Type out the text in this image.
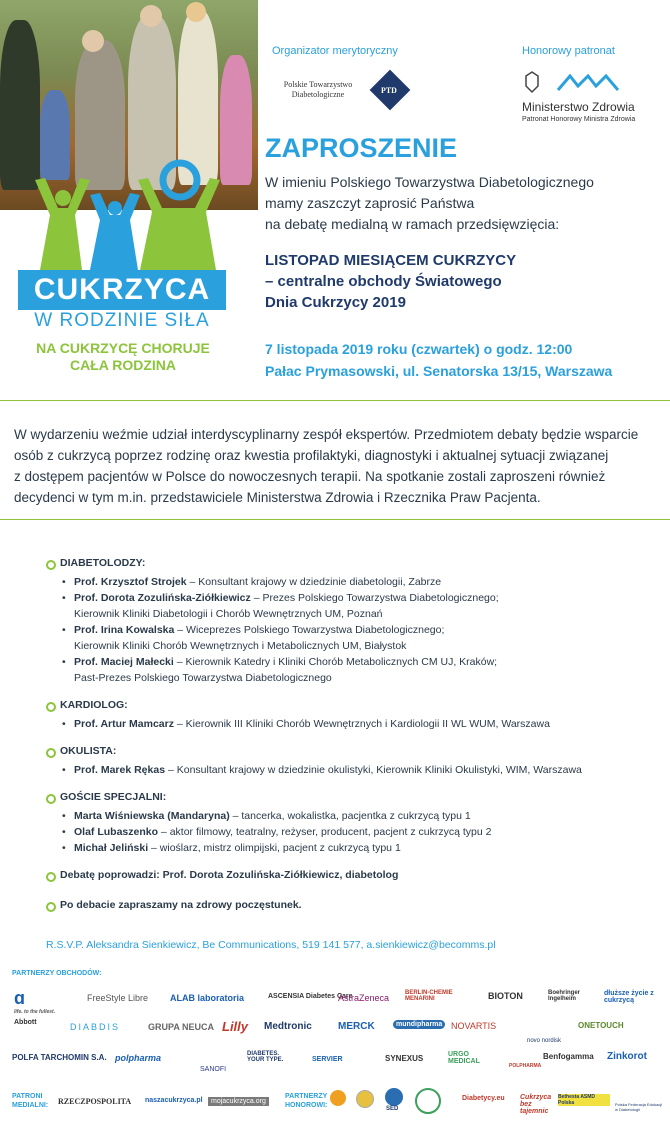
CUKRZYCA
W RODZINIE SIŁA
NA CUKRZYCĘ CHORUJE
CAŁA RODZINA
Organizator merytoryczny	Honorowy patronat
Polskie Towarzystwo
Diabetologiczne	PTD
Ministerstwo Zdrowia
Patronat Honorowy Ministra Zdrowia
ZAPROSZENIE
W imieniu Polskiego Towarzystwa Diabetologicznego
mamy zaszczyt zaprosić Państwa
na debatę medialną w ramach przedsięwzięcia:
LISTOPAD MIESIĄCEM CUKRZYCY
– centralne obchody Światowego
Dnia Cukrzycy 2019
7 listopada 2019 roku (czwartek) o godz. 12:00
Pałac Prymasowski, ul. Senatorska 13/15, Warszawa
W wydarzeniu weźmie udział interdyscyplinarny zespół ekspertów. Przedmiotem debaty będzie wsparcie
osób z cukrzycą poprzez rodzinę oraz kwestia profilaktyki, diagnostyki i aktualnej sytuacji związanej
z dostępem pacjentów w Polsce do nowoczesnych terapii. Na spotkanie zostali zaproszeni również
decydenci w tym m.in. przedstawiciele Ministerstwa Zdrowia i Rzecznika Praw Pacjenta.
DIABETOLODZY:
• Prof. Krzysztof Strojek – Konsultant krajowy w dziedzinie diabetologii, Zabrze
• Prof. Dorota Zozulińska-Ziółkiewicz – Prezes Polskiego Towarzystwa Diabetologicznego;
Kierownik Kliniki Diabetologii i Chorób Wewnętrznych UM, Poznań
• Prof. Irina Kowalska – Wiceprezes Polskiego Towarzystwa Diabetologicznego;
Kierownik Kliniki Chorób Wewnętrznych i Metabolicznych UM, Białystok
• Prof. Maciej Małecki – Kierownik Katedry i Kliniki Chorób Metabolicznych CM UJ, Kraków;
Past-Prezes Polskiego Towarzystwa Diabetologicznego
KARDIOLOG:
• Prof. Artur Mamcarz – Kierownik III Kliniki Chorób Wewnętrznych i Kardiologii II WL WUM, Warszawa
OKULISTA:
• Prof. Marek Rękas – Konsultant krajowy w dziedzinie okulistyki, Kierownik Kliniki Okulistyki, WIM, Warszawa
GOŚCIE SPECJALNI:
• Marta Wiśniewska (Mandaryna) – tancerka, wokalistka, pacjentka z cukrzycą typu 1
• Olaf Lubaszenko – aktor filmowy, teatralny, reżyser, producent, pacjent z cukrzycą typu 2
• Michał Jeliński – wioślarz, mistrz olimpijski, pacjent z cukrzycą typu 1
Debatę poprowadzi: Prof. Dorota Zozulińska-Ziółkiewicz, diabetolog
Po debacie zapraszamy na zdrowy poczęstunek.
R.S.V.P. Aleksandra Sienkiewicz, Be Communications, 519 141 577, a.sienkiewicz@becomms.pl
PARTNERZY OBCHODÓW:
ɑ
life. to the fullest.
Abbott
FreeStyle Libre ALAB laboratoria	ASCENSIA Diabetes Care
AstraZeneca	BERLIN-CHEMIE MENARINI	BIOTON	Boehringer Ingelheim
dłuższe życie z cukrzycą
DIABDIS	GRUPA NEUCA Lilly Medtronic	MERCK	mundipharma NOVARTIS
novo nordisk
ONETOUCH
POLFA TARCHOMIN S.A. polpharma
SANOFI
DIABETES. YOUR TYPE.	SERVIER	SYNEXUS	URGO MEDICAL
POLPHARMA
Benfogamma Zinkorot
PATRONI
MEDIALNI: RZECZPOSPOLITA naszacukrzyca.pl	mojacukrzyca.org
PARTNERZY
HONOROWI:	SED
Diabetycy.eu Cukrzyca bez tajemnic
Bethesta ASMD Polska	Polska Federacja Edukacji w Diabetologii
